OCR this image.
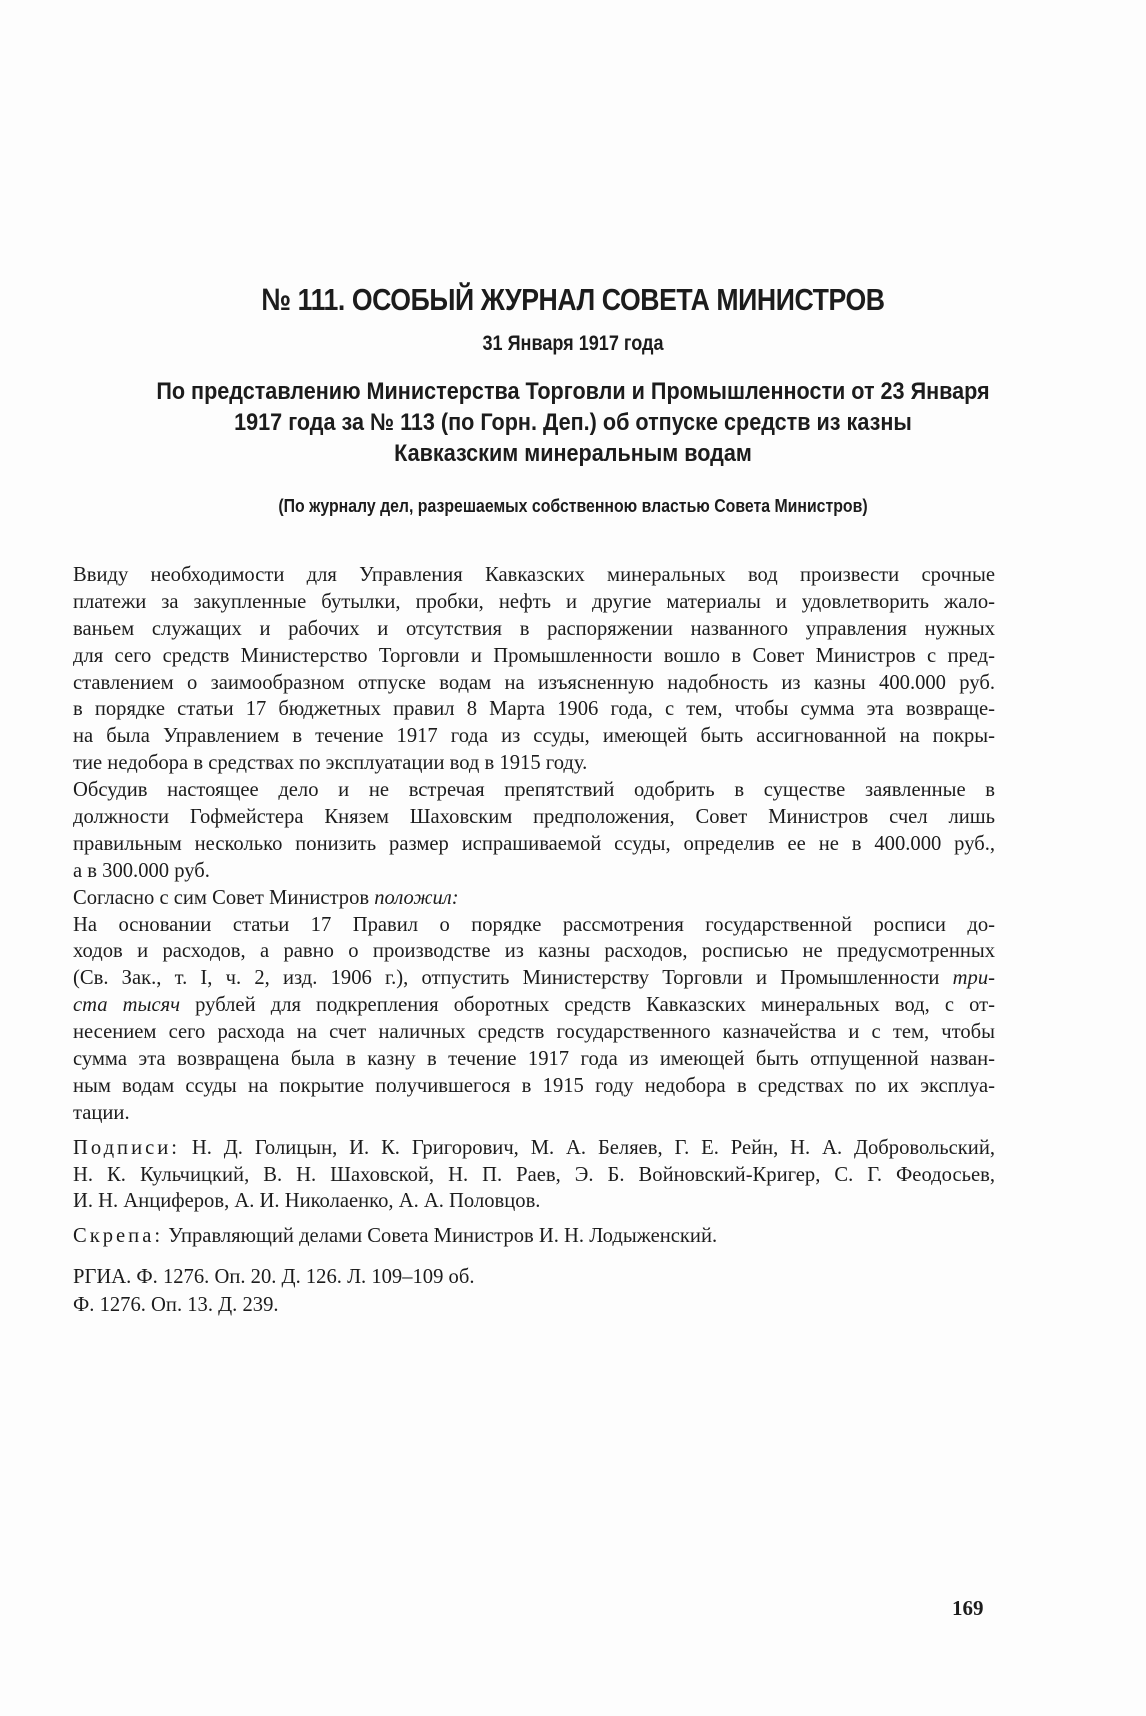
№ 111. ОСОБЫЙ ЖУРНАЛ СОВЕТА МИНИСТРОВ
31 Января 1917 года
По представлению Министерства Торговли и Промышленности от 23 Января
1917 года за № 113 (по Горн. Деп.) об отпуске средств из казны
Кавказским минеральным водам
(По журналу дел, разрешаемых собственною властью Совета Министров)
Ввиду необходимости для Управления Кавказских минеральных вод произвести срочные
платежи за закупленные бутылки, пробки, нефть и другие материалы и удовлетворить жало-
ваньем служащих и рабочих и отсутствия в распоряжении названного управления нужных
для сего средств Министерство Торговли и Промышленности вошло в Совет Министров с пред-
ставлением о заимообразном отпуске водам на изъясненную надобность из казны 400.000 руб.
в порядке статьи 17 бюджетных правил 8 Марта 1906 года, с тем, чтобы сумма эта возвраще-
на была Управлением в течение 1917 года из ссуды, имеющей быть ассигнованной на покры-
тие недобора в средствах по эксплуатации вод в 1915 году.
Обсудив настоящее дело и не встречая препятствий одобрить в существе заявленные в
должности Гофмейстера Князем Шаховским предположения, Совет Министров счел лишь
правильным несколько понизить размер испрашиваемой ссуды, определив ее не в 400.000 руб.,
а в 300.000 руб.
Согласно с сим Совет Министров положил:
На основании статьи 17 Правил о порядке рассмотрения государственной росписи до-
ходов и расходов, а равно о производстве из казны расходов, росписью не предусмотренных
(Св. Зак., т. I, ч. 2, изд. 1906 г.), отпустить Министерству Торговли и Промышленности три-
ста тысяч рублей для подкрепления оборотных средств Кавказских минеральных вод, с от-
несением сего расхода на счет наличных средств государственного казначейства и с тем, чтобы
сумма эта возвращена была в казну в течение 1917 года из имеющей быть отпущенной назван-
ным водам ссуды на покрытие получившегося в 1915 году недобора в средствах по их эксплуа-
тации.
Подписи: Н. Д. Голицын, И. К. Григорович, М. А. Беляев, Г. Е. Рейн, Н. А. Добровольский,
Н. К. Кульчицкий, В. Н. Шаховской, Н. П. Раев, Э. Б. Войновский-Кригер, С. Г. Феодосьев,
И. Н. Анциферов, А. И. Николаенко, А. А. Половцов.
Скрепа: Управляющий делами Совета Министров И. Н. Лодыженский.
РГИА. Ф. 1276. Оп. 20. Д. 126. Л. 109–109 об.
Ф. 1276. Оп. 13. Д. 239.
169
